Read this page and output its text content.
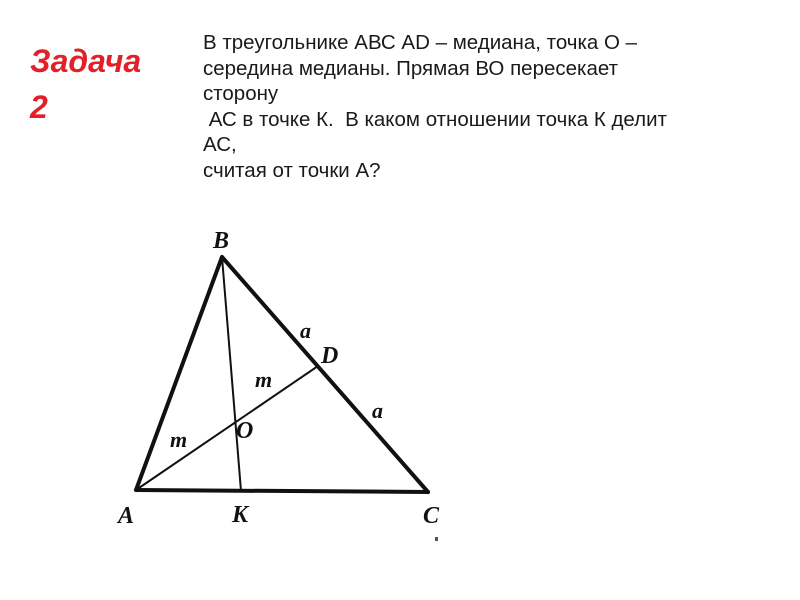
Задача
2
В треугольнике АВС АD – медиана, точка О –
середина медианы. Прямая ВО пересекает
сторону
АС в точке К.  В каком отношении точка К делит
АС,
считая от точки А?
B
A	C
D
O
K
a
a
m
m
